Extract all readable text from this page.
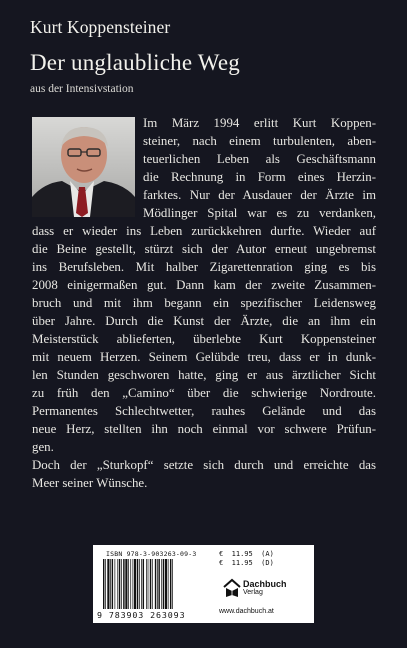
Kurt Koppensteiner
Der unglaubliche Weg
aus der Intensivstation
Im März 1994 erlitt Kurt Koppen-
steiner, nach einem turbulenten, aben-
teuerlichen Leben als Geschäftsmann
die Rechnung in Form eines Herzin-
farktes. Nur der Ausdauer der Ärzte im
Mödlinger Spital war es zu verdanken,
dass er wieder ins Leben zurückkehren durfte. Wieder auf
die Beine gestellt, stürzt sich der Autor erneut ungebremst
ins Berufsleben. Mit halber Zigarettenration ging es bis
2008 einigermaßen gut. Dann kam der zweite Zusammen-
bruch und mit ihm begann ein spezifischer Leidensweg
über Jahre. Durch die Kunst der Ärzte, die an ihm ein
Meisterstück ablieferten, überlebte Kurt Koppensteiner
mit neuem Herzen. Seinem Gelübde treu, dass er in dunk-
len Stunden geschworen hatte, ging er aus ärztlicher Sicht
zu früh den „Camino“ über die schwierige Nordroute.
Permanentes Schlechtwetter, rauhes Gelände und das
neue Herz, stellten ihn noch einmal vor schwere Prüfun-
gen.
Doch der „Sturkopf“ setzte sich durch und erreichte das
Meer seiner Wünsche.
ISBN 978-3-903263-09-3
9 783903 263093
€ 11.95 (A)
€ 11.95 (D)
Dachbuch
Verlag
www.dachbuch.at
